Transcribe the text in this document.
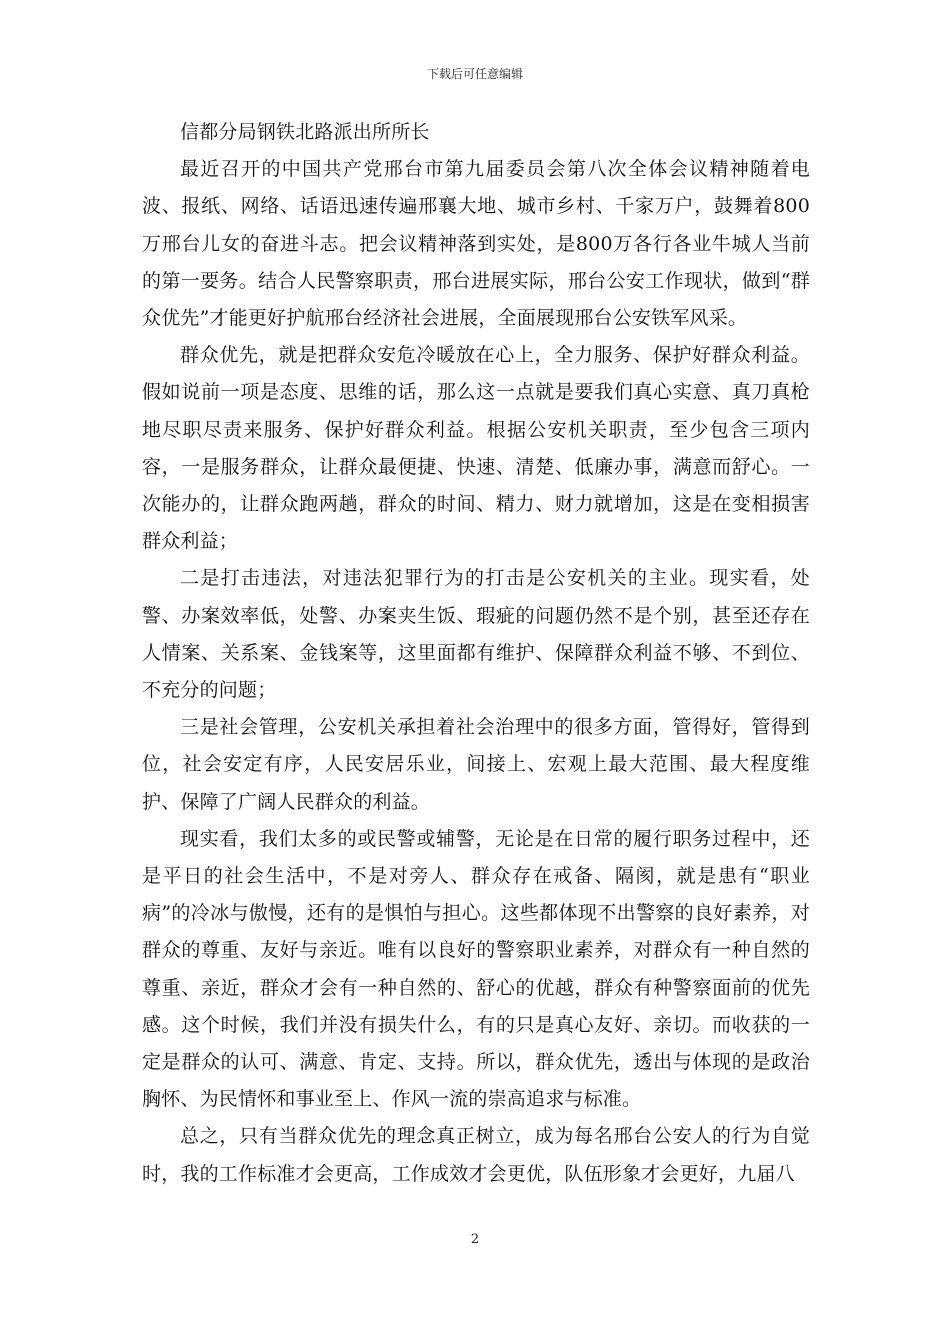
下载后可任意编辑

信都分局钢铁北路派出所所长

最近召开的中国共产党邢台市第九届委员会第八次全体会议精神随着电波、报纸、网络、话语迅速传遍邢襄大地、城市乡村、千家万户，鼓舞着800万邢台儿女的奋进斗志。把会议精神落到实处，是800万各行各业牛城人当前的第一要务。结合人民警察职责，邢台进展实际，邢台公安工作现状，做到“群众优先”才能更好护航邢台经济社会进展，全面展现邢台公安铁军风采。

群众优先，就是把群众安危冷暖放在心上，全力服务、保护好群众利益。假如说前一项是态度、思维的话，那么这一点就是要我们真心实意、真刀真枪地尽职尽责来服务、保护好群众利益。根据公安机关职责，至少包含三项内容，一是服务群众，让群众最便捷、快速、清楚、低廉办事，满意而舒心。一次能办的，让群众跑两趟，群众的时间、精力、财力就增加，这是在变相损害群众利益；

二是打击违法，对违法犯罪行为的打击是公安机关的主业。现实看，处警、办案效率低，处警、办案夹生饭、瑕疵的问题仍然不是个别，甚至还存在人情案、关系案、金钱案等，这里面都有维护、保障群众利益不够、不到位、不充分的问题；

三是社会管理，公安机关承担着社会治理中的很多方面，管得好，管得到位，社会安定有序，人民安居乐业，间接上、宏观上最大范围、最大程度维护、保障了广阔人民群众的利益。

现实看，我们太多的或民警或辅警，无论是在日常的履行职务过程中，还是平日的社会生活中，不是对旁人、群众存在戒备、隔阂，就是患有“职业病”的冷冰与傲慢，还有的是惧怕与担心。这些都体现不出警察的良好素养，对群众的尊重、友好与亲近。唯有以良好的警察职业素养，对群众有一种自然的尊重、亲近，群众才会有一种自然的、舒心的优越，群众有种警察面前的优先感。这个时候，我们并没有损失什么，有的只是真心友好、亲切。而收获的一定是群众的认可、满意、肯定、支持。所以，群众优先，透出与体现的是政治胸怀、为民情怀和事业至上、作风一流的崇高追求与标准。

总之，只有当群众优先的理念真正树立，成为每名邢台公安人的行为自觉时，我的工作标准才会更高，工作成效才会更优，队伍形象才会更好，九届八

2
